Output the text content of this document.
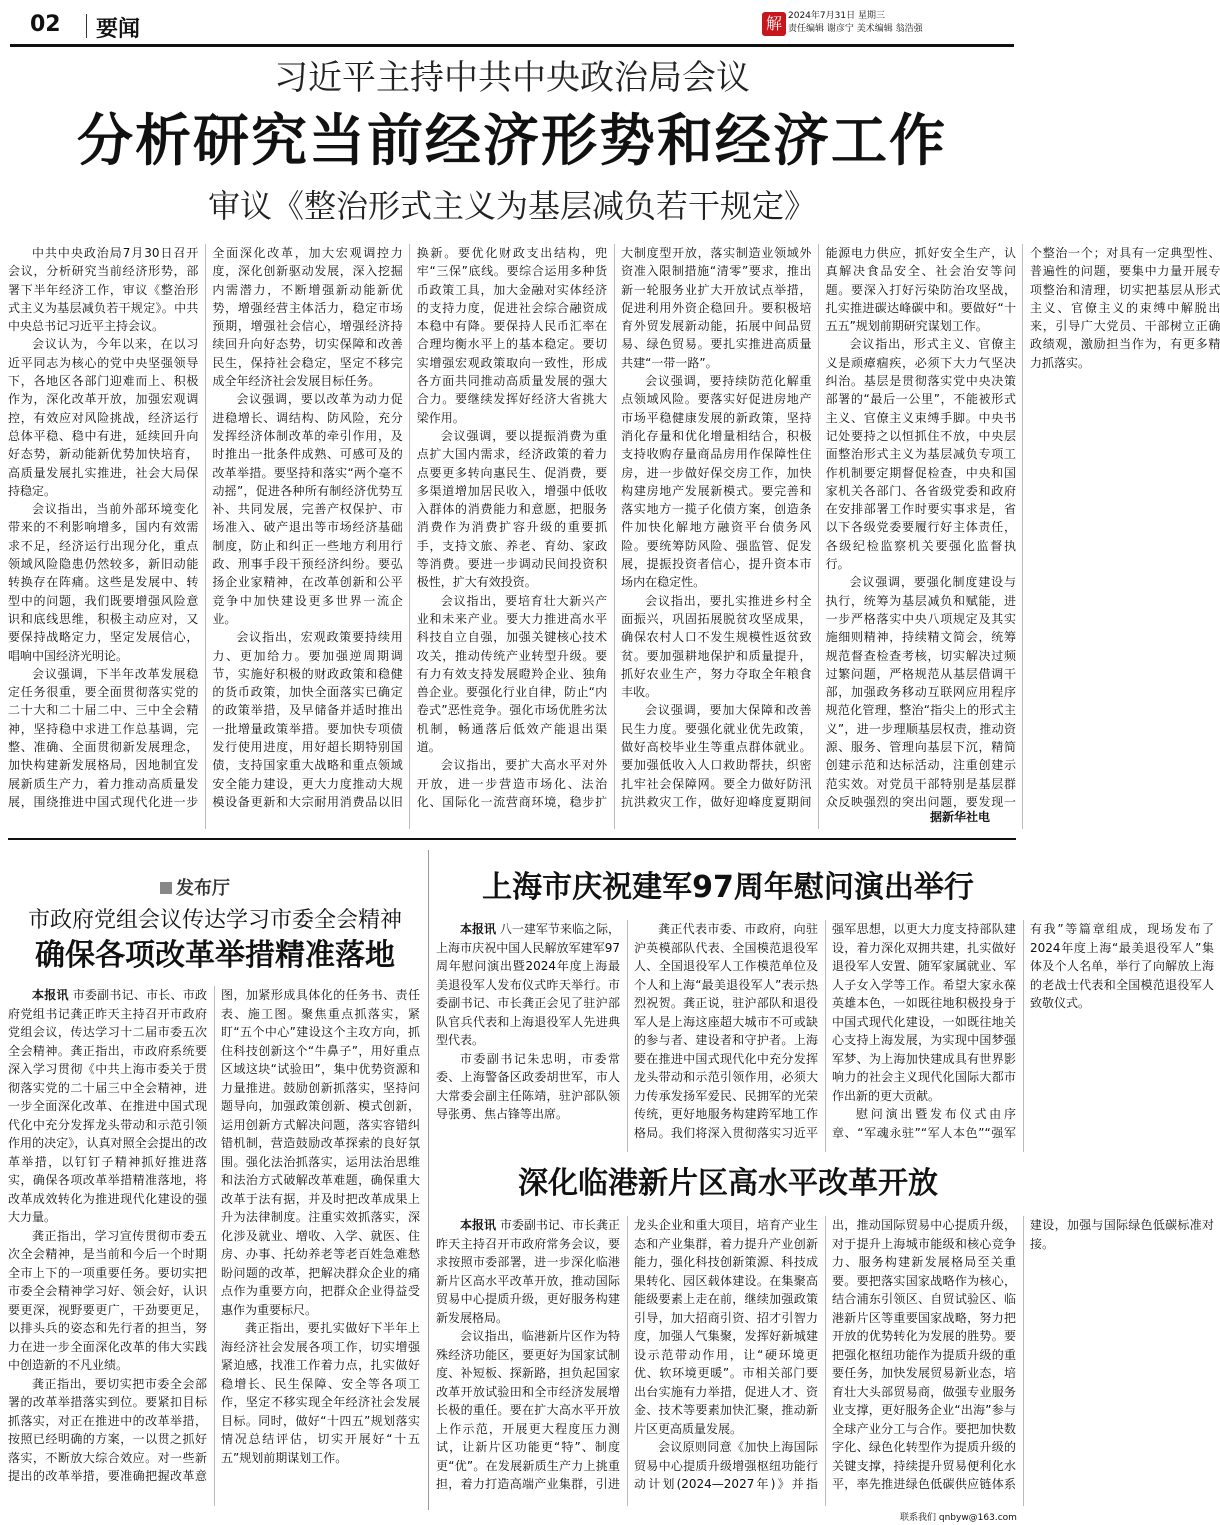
02 要闻	解 2024年7月31日 星期三
责任编辑 谢彦宁 美术编辑 翁浩强
习近平主持中共中央政治局会议
分析研究当前经济形势和经济工作
审议《整治形式主义为基层减负若干规定》

中共中央政治局7月30日召开会议，分析研究当前经济形势，部署下半年经济工作，审议《整治形式主义为基层减负若干规定》。中共中央总书记习近平主持会议。

会议认为，今年以来，在以习近平同志为核心的党中央坚强领导下，各地区各部门迎难而上、积极作为，深化改革开放，加强宏观调控，有效应对风险挑战，经济运行总体平稳、稳中有进，延续回升向好态势，新动能新优势加快培育，高质量发展扎实推进，社会大局保持稳定。

会议指出，当前外部环境变化带来的不利影响增多，国内有效需求不足，经济运行出现分化，重点领域风险隐患仍然较多，新旧动能转换存在阵痛。这些是发展中、转型中的问题，我们既要增强风险意识和底线思维，积极主动应对，又要保持战略定力，坚定发展信心，唱响中国经济光明论。

会议强调，下半年改革发展稳定任务很重，要全面贯彻落实党的二十大和二十届二中、三中全会精神，坚持稳中求进工作总基调，完整、准确、全面贯彻新发展理念，加快构建新发展格局，因地制宜发展新质生产力，着力推动高质量发展，围绕推进中国式现代化进一步全面深化改革，加大宏观调控力度，深化创新驱动发展，深入挖掘内需潜力，不断增强新动能新优势，增强经营主体活力，稳定市场预期，增强社会信心，增强经济持续回升向好态势，切实保障和改善民生，保持社会稳定，坚定不移完成全年经济社会发展目标任务。

会议强调，要以改革为动力促进稳增长、调结构、防风险，充分发挥经济体制改革的牵引作用，及时推出一批条件成熟、可感可及的改革举措。要坚持和落实“两个毫不动摇”，促进各种所有制经济优势互补、共同发展，完善产权保护、市场准入、破产退出等市场经济基础制度，防止和纠正一些地方利用行政、刑事手段干预经济纠纷。要弘扬企业家精神，在改革创新和公平竞争中加快建设更多世界一流企业。

会议指出，宏观政策要持续用力、更加给力。要加强逆周期调节，实施好积极的财政政策和稳健的货币政策，加快全面落实已确定的政策举措，及早储备并适时推出一批增量政策举措。要加快专项债发行使用进度，用好超长期特别国债，支持国家重大战略和重点领域安全能力建设，更大力度推动大规模设备更新和大宗耐用消费品以旧换新。要优化财政支出结构，兜牢“三保”底线。要综合运用多种货币政策工具，加大金融对实体经济的支持力度，促进社会综合融资成本稳中有降。要保持人民币汇率在合理均衡水平上的基本稳定。要切实增强宏观政策取向一致性，形成各方面共同推动高质量发展的强大合力。要继续发挥好经济大省挑大梁作用。

会议强调，要以提振消费为重点扩大国内需求，经济政策的着力点要更多转向惠民生、促消费，要多渠道增加居民收入，增强中低收入群体的消费能力和意愿，把服务消费作为消费扩容升级的重要抓手，支持文旅、养老、育幼、家政等消费。要进一步调动民间投资积极性，扩大有效投资。

会议指出，要培育壮大新兴产业和未来产业。要大力推进高水平科技自立自强，加强关键核心技术攻关，推动传统产业转型升级。要有力有效支持发展瞪羚企业、独角兽企业。要强化行业自律，防止“内卷式”恶性竞争。强化市场优胜劣汰机制，畅通落后低效产能退出渠道。

会议指出，要扩大高水平对外开放，进一步营造市场化、法治化、国际化一流营商环境，稳步扩大制度型开放，落实制造业领域外资准入限制措施“清零”要求，推出新一轮服务业扩大开放试点举措，促进利用外资企稳回升。要积极培育外贸发展新动能，拓展中间品贸易、绿色贸易。要扎实推进高质量共建“一带一路”。

会议强调，要持续防范化解重点领域风险。要落实好促进房地产市场平稳健康发展的新政策，坚持消化存量和优化增量相结合，积极支持收购存量商品房用作保障性住房，进一步做好保交房工作，加快构建房地产发展新模式。要完善和落实地方一揽子化债方案，创造条件加快化解地方融资平台债务风险。要统筹防风险、强监管、促发展，提振投资者信心，提升资本市场内在稳定性。

会议指出，要扎实推进乡村全面振兴，巩固拓展脱贫攻坚成果，确保农村人口不发生规模性返贫致贫。要加强耕地保护和质量提升，抓好农业生产，努力夺取全年粮食丰收。

会议强调，要加大保障和改善民生力度。要强化就业优先政策，做好高校毕业生等重点群体就业。要加强低收入人口救助帮扶，织密扎牢社会保障网。要全力做好防汛抗洪救灾工作，做好迎峰度夏期间能源电力供应，抓好安全生产，认真解决食品安全、社会治安等问题。要深入打好污染防治攻坚战，扎实推进碳达峰碳中和。要做好“十五五”规划前期研究谋划工作。

会议指出，形式主义、官僚主义是顽瘴痼疾，必须下大力气坚决纠治。基层是贯彻落实党中央决策部署的“最后一公里”，不能被形式主义、官僚主义束缚手脚。中央书记处要持之以恒抓住不放，中央层面整治形式主义为基层减负专项工作机制要定期督促检查，中央和国家机关各部门、各省级党委和政府在安排部署工作时要实事求是，省以下各级党委要履行好主体责任，各级纪检监察机关要强化监督执行。

会议强调，要强化制度建设与执行，统筹为基层减负和赋能，进一步严格落实中央八项规定及其实施细则精神，持续精文简会，统筹规范督查检查考核，切实解决过频过繁问题，严格规范从基层借调干部，加强政务移动互联网应用程序规范化管理，整治“指尖上的形式主义”，进一步理顺基层权责，推动资源、服务、管理向基层下沉，精简创建示范和达标活动，注重创建示范实效。对党员干部特别是基层群众反映强烈的突出问题，要发现一个整治一个；对具有一定典型性、普遍性的问题，要集中力量开展专项整治和清理，切实把基层从形式主义、官僚主义的束缚中解脱出来，引导广大党员、干部树立正确政绩观，激励担当作为，有更多精力抓落实。

据新华社电
发布厅
市政府党组会议传达学习市委全会精神
确保各项改革举措精准落地

本报讯 市委副书记、市长、市政府党组书记龚正昨天主持召开市政府党组会议，传达学习十二届市委五次全会精神。龚正指出，市政府系统要深入学习贯彻《中共上海市委关于贯彻落实党的二十届三中全会精神，进一步全面深化改革、在推进中国式现代化中充分发挥龙头带动和示范引领作用的决定》，认真对照全会提出的改革举措，以钉钉子精神抓好推进落实，确保各项改革举措精准落地，将改革成效转化为推进现代化建设的强大力量。

龚正指出，学习宣传贯彻市委五次全会精神，是当前和今后一个时期全市上下的一项重要任务。要切实把市委全会精神学习好、领会好，认识要更深，视野要更广，干劲要更足，以排头兵的姿态和先行者的担当，努力在进一步全面深化改革的伟大实践中创造新的不凡业绩。

龚正指出，要切实把市委全会部署的改革举措落实到位。要紧扣目标抓落实，对正在推进中的改革举措，按照已经明确的方案，一以贯之抓好落实，不断放大综合效应。对一些新提出的改革举措，要准确把握改革意图，加紧形成具体化的任务书、责任表、施工图。聚焦重点抓落实，紧盯“五个中心”建设这个主攻方向，抓住科技创新这个“牛鼻子”，用好重点区域这块“试验田”，集中优势资源和力量推进。鼓励创新抓落实，坚持问题导向，加强政策创新、模式创新，运用创新方式解决问题，落实容错纠错机制，营造鼓励改革探索的良好氛围。强化法治抓落实，运用法治思维和法治方式破解改革难题，确保重大改革于法有据，并及时把改革成果上升为法律制度。注重实效抓落实，深化涉及就业、增收、入学、就医、住房、办事、托幼养老等老百姓急难愁盼问题的改革，把解决群众企业的痛点作为重要方向，把群众企业得益受惠作为重要标尺。

龚正指出，要扎实做好下半年上海经济社会发展各项工作，切实增强紧迫感，找准工作着力点，扎实做好稳增长、民生保障、安全等各项工作，坚定不移实现全年经济社会发展目标。同时，做好“十四五”规划落实情况总结评估，切实开展好“十五五”规划前期谋划工作。

上海市庆祝建军97周年慰问演出举行

本报讯 八一建军节来临之际，上海市庆祝中国人民解放军建军97周年慰问演出暨2024年度上海最美退役军人发布仪式昨天举行。市委副书记、市长龚正会见了驻沪部队官兵代表和上海退役军人先进典型代表。

市委副书记朱忠明，市委常委、上海警备区政委胡世军，市人大常委会副主任陈靖，驻沪部队领导张勇、焦占锋等出席。

龚正代表市委、市政府，向驻沪英模部队代表、全国模范退役军人、全国退役军人工作模范单位及个人和上海“最美退役军人”表示热烈祝贺。龚正说，驻沪部队和退役军人是上海这座超大城市不可或缺的参与者、建设者和守护者。上海要在推进中国式现代化中充分发挥龙头带动和示范引领作用，必须大力传承发扬军爱民、民拥军的光荣传统，更好地服务构建跨军地工作格局。我们将深入贯彻落实习近平强军思想，以更大力度支持部队建设，着力深化双拥共建，扎实做好退役军人安置、随军家属就业、军人子女入学等工作。希望大家永葆英雄本色，一如既往地积极投身于中国式现代化建设，一如既往地关心支持上海发展，为实现中国梦强军梦、为上海加快建成具有世界影响力的社会主义现代化国际大都市作出新的更大贡献。

慰问演出暨发布仪式由序章、“军魂永驻”“军人本色”“强军有我”等篇章组成，现场发布了2024年度上海“最美退役军人”集体及个人名单，举行了向解放上海的老战士代表和全国模范退役军人致敬仪式。

深化临港新片区高水平改革开放

本报讯 市委副书记、市长龚正昨天主持召开市政府常务会议，要求按照市委部署，进一步深化临港新片区高水平改革开放，推动国际贸易中心提质升级，更好服务构建新发展格局。

会议指出，临港新片区作为特殊经济功能区，要更好为国家试制度、补短板、探新路，担负起国家改革开放试验田和全市经济发展增长极的重任。要在扩大高水平开放上作示范，开展更大程度压力测试，让新片区功能更“特”、制度更“优”。在发展新质生产力上挑重担，着力打造高端产业集群，引进龙头企业和重大项目，培育产业生态和产业集群，着力提升产业创新能力，强化科技创新策源、科技成果转化、园区载体建设。在集聚高能级要素上走在前，继续加强政策引导，加大招商引资、招才引智力度，加强人气集聚，发挥好新城建设示范带动作用，让“硬环境更优、软环境更暖”。市相关部门要出台实施有力举措，促进人才、资金、技术等要素加快汇聚，推动新片区更高质量发展。

会议原则同意《加快上海国际贸易中心提质升级增强枢纽功能行动计划(2024—2027年)》并指出，推动国际贸易中心提质升级，对于提升上海城市能级和核心竞争力、服务构建新发展格局至关重要。要把落实国家战略作为核心，结合浦东引领区、自贸试验区、临港新片区等重要国家战略，努力把开放的优势转化为发展的胜势。要把强化枢纽功能作为提质升级的重要任务，加快发展贸易新业态，培育壮大头部贸易商，做强专业服务业支撑，更好服务企业“出海”参与全球产业分工与合作。要把加快数字化、绿色化转型作为提质升级的关键支撑，持续提升贸易便利化水平，率先推进绿色低碳供应链体系建设，加强与国际绿色低碳标准对接。

联系我们 qnbyw@163.com
